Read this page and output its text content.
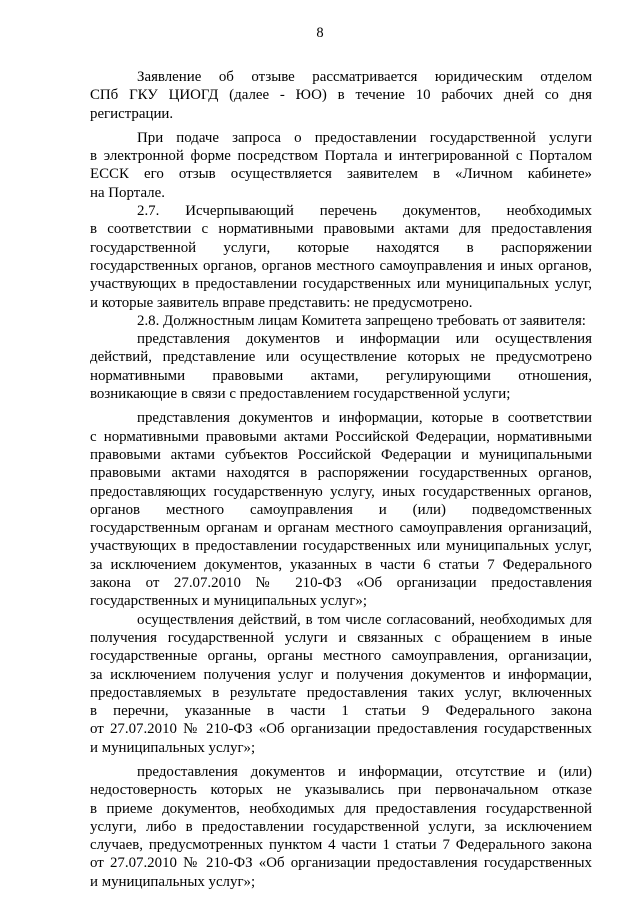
8
Заявление об отзыве рассматривается юридическим отделом
СПб ГКУ ЦИОГД (далее - ЮО) в течение 10 рабочих дней со дня
регистрации.
При подаче запроса о предоставлении государственной услуги
в электронной форме посредством Портала и интегрированной с Порталом
ЕССК его отзыв осуществляется заявителем в «Личном кабинете»
на Портале.
2.7. Исчерпывающий перечень документов, необходимых
в соответствии с нормативными правовыми актами для предоставления
государственной услуги, которые находятся в распоряжении
государственных органов, органов местного самоуправления и иных органов,
участвующих в предоставлении государственных или муниципальных услуг,
и которые заявитель вправе представить: не предусмотрено.
2.8. Должностным лицам Комитета запрещено требовать от заявителя:
представления документов и информации или осуществления
действий, представление или осуществление которых не предусмотрено
нормативными правовыми актами, регулирующими отношения,
возникающие в связи с предоставлением государственной услуги;
представления документов и информации, которые в соответствии
с нормативными правовыми актами Российской Федерации, нормативными
правовыми актами субъектов Российской Федерации и муниципальными
правовыми актами находятся в распоряжении государственных органов,
предоставляющих государственную услугу, иных государственных органов,
органов местного самоуправления и (или) подведомственных
государственным органам и органам местного самоуправления организаций,
участвующих в предоставлении государственных или муниципальных услуг,
за исключением документов, указанных в части 6 статьи 7 Федерального
закона от 27.07.2010 № 210-ФЗ «Об организации предоставления
государственных и муниципальных услуг»;
осуществления действий, в том числе согласований, необходимых для
получения государственной услуги и связанных с обращением в иные
государственные органы, органы местного самоуправления, организации,
за исключением получения услуг и получения документов и информации,
предоставляемых в результате предоставления таких услуг, включенных
в перечни, указанные в части 1 статьи 9 Федерального закона
от 27.07.2010 № 210-ФЗ «Об организации предоставления государственных
и муниципальных услуг»;
предоставления документов и информации, отсутствие и (или)
недостоверность которых не указывались при первоначальном отказе
в приеме документов, необходимых для предоставления государственной
услуги, либо в предоставлении государственной услуги, за исключением
случаев, предусмотренных пунктом 4 части 1 статьи 7 Федерального закона
от 27.07.2010 № 210-ФЗ «Об организации предоставления государственных
и муниципальных услуг»;
